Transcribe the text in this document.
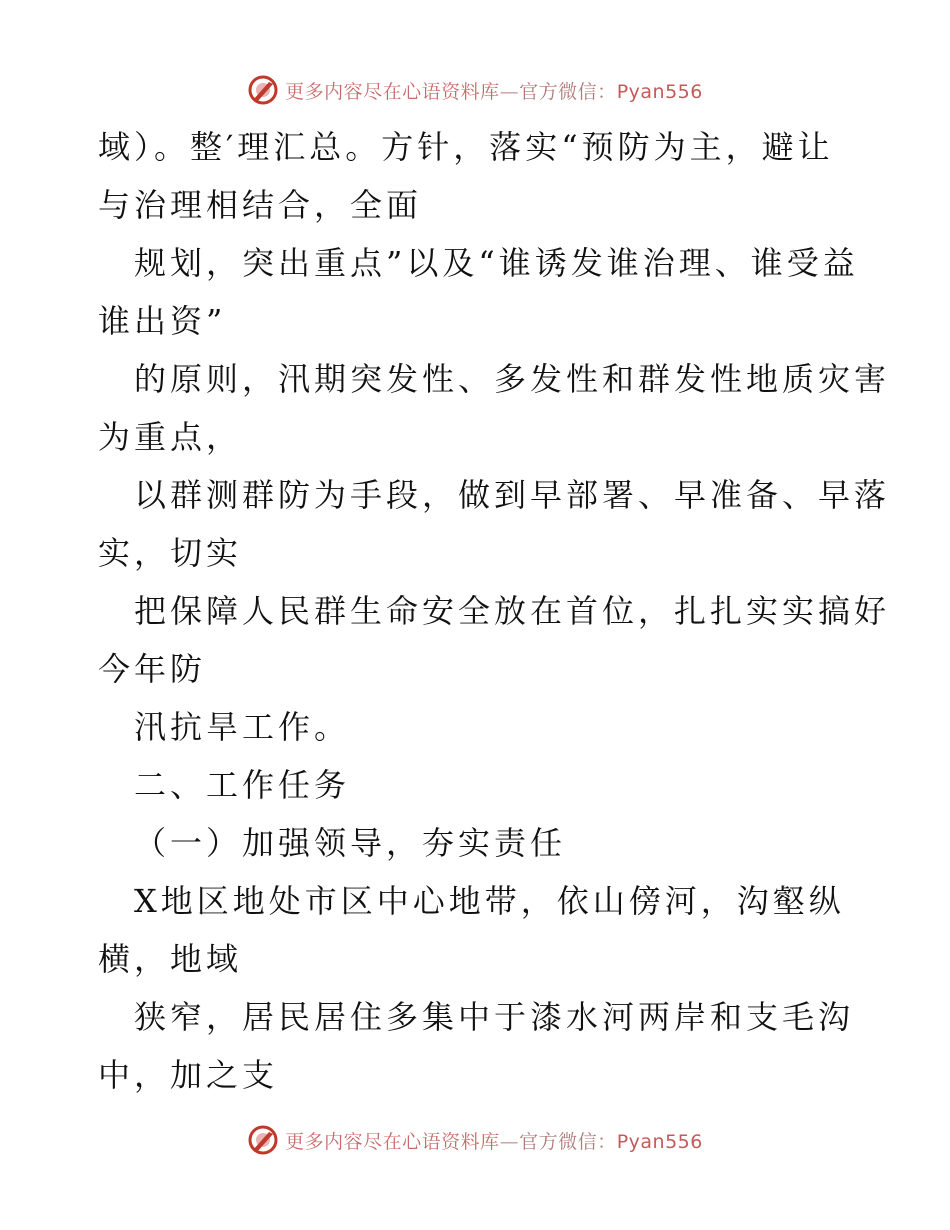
更多内容尽在心语资料库—官方微信：Pyan556
域）。整′理汇总。方针，落实“预防为主，避让
与治理相结合，全面
规划，突出重点”以及“谁诱发谁治理、谁受益
谁出资”
的原则，汛期突发性、多发性和群发性地质灾害
为重点，
以群测群防为手段，做到早部署、早准备、早落
实，切实
把保障人民群生命安全放在首位，扎扎实实搞好
今年防
汛抗旱工作。
二、工作任务
（一）加强领导，夯实责任
X地区地处市区中心地带，依山傍河，沟壑纵
横，地域
狭窄，居民居住多集中于漆水河两岸和支毛沟
中，加之支
更多内容尽在心语资料库—官方微信：Pyan556
